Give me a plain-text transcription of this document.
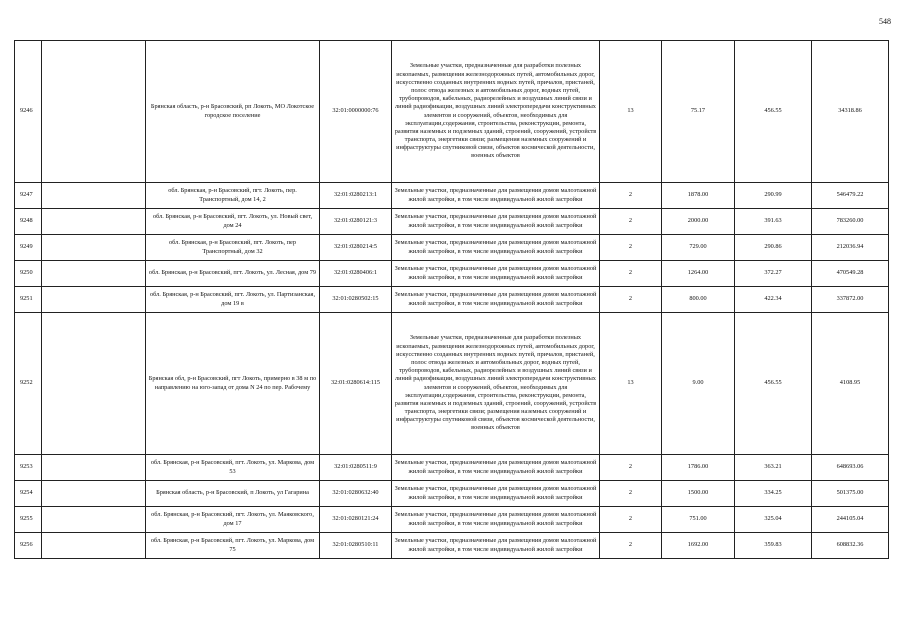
548
9246		Брянская область, р-н Брасовский, рп Локоть, МО Локотское городское поселение	32:01:0000000:76	Земельные участки, предназначенные для разработки полезных ископаемых, размещения железнодорожных путей, автомобильных дорог, искусственно созданных внутренних водных путей, причалов, пристаней, полос отвода железных и автомобильных дорог, водных путей, трубопроводов, кабельных, радиорелейных и воздушных линий связи и линий радиофикации, воздушных линий электропередачи конструктивных элементов и сооружений, объектов, необходимых для эксплуатации,содержания, строительства, реконструкции, ремонта, развития наземных и подземных зданий, строений, сооружений, устройств транспорта, энергетики связи; размещения наземных сооружений и инфраструктуры спутниковой связи, объектов космической деятельности, военных объектов	13	75.17	456.55	34318.86
9247		обл. Брянская, р-н Брасовский, пгт. Локоть, пер. Транспортный, дом 14, 2	32:01:0280213:1	Земельные участки, предназначенные для размещения домов малоэтажной жилой застройки, в том числе индивидуальной жилой застройки	2	1878.00	290.99	546479.22
9248		обл. Брянская, р-н Брасовский, пгт. Локоть, ул. Новый свет, дом 24	32:01:0280121:3	Земельные участки, предназначенные для размещения домов малоэтажной жилой застройки, в том числе индивидуальной жилой застройки	2	2000.00	391.63	783260.00
9249		обл. Брянская, р-н Брасовский, пгт. Локоть, пер Транспортный, дом 32	32:01:0280214:5	Земельные участки, предназначенные для размещения домов малоэтажной жилой застройки, в том числе индивидуальной жилой застройки	2	729.00	290.86	212036.94
9250		обл. Брянская, р-н Брасовский, пгт. Локоть, ул. Лесная, дом 79	32:01:0280406:1	Земельные участки, предназначенные для размещения домов малоэтажной жилой застройки, в том числе индивидуальной жилой застройки	2	1264.00	372.27	470549.28
9251		обл. Брянская, р-н Брасовский, пгт. Локоть, ул. Партизанская, дом 19 в	32:01:0280502:15	Земельные участки, предназначенные для размещения домов малоэтажной жилой застройки, в том числе индивидуальной жилой застройки	2	800.00	422.34	337872.00
9252		Брянская обл, р-н Брасовский, пгт Локоть, примерно в 38 м по направлению на юго-запад от дома N 24 по пер. Рабочему	32:01:0280614:115	Земельные участки, предназначенные для разработки полезных ископаемых, размещения железнодорожных путей, автомобильных дорог, искусственно созданных внутренних водных путей, причалов, пристаней, полос отвода железных и автомобильных дорог, водных путей, трубопроводов, кабельных, радиорелейных и воздушных линий связи и линий радиофикации, воздушных линий электропередачи конструктивных элементов и сооружений, объектов, необходимых для эксплуатации,содержания, строительства, реконструкции, ремонта, развития наземных и подземных зданий, строений, сооружений, устройств транспорта, энергетики связи; размещения наземных сооружений и инфраструктуры спутниковой связи, объектов космической деятельности, военных объектов	13	9.00	456.55	4108.95
9253		обл. Брянская, р-н Брасовский, пгт. Локоть, ул. Маркова, дом 53	32:01:0280511:9	Земельные участки, предназначенные для размещения домов малоэтажной жилой застройки, в том числе индивидуальной жилой застройки	2	1786.00	363.21	648693.06
9254		Брянская область, р-н Брасовский, п Локоть, ул Гагарина	32:01:0280632:40	Земельные участки, предназначенные для размещения домов малоэтажной жилой застройки, в том числе индивидуальной жилой застройки	2	1500.00	334.25	501375.00
9255		обл. Брянская, р-н Брасовский, пгт. Локоть, ул. Маяковского, дом 17	32:01:0280121:24	Земельные участки, предназначенные для размещения домов малоэтажной жилой застройки, в том числе индивидуальной жилой застройки	2	751.00	325.04	244105.04
9256		обл. Брянская, р-н Брасовский, пгт. Локоть, ул. Маркова, дом 75	32:01:0280510:11	Земельные участки, предназначенные для размещения домов малоэтажной жилой застройки, в том числе индивидуальной жилой застройки	2	1692.00	359.83	608832.36
